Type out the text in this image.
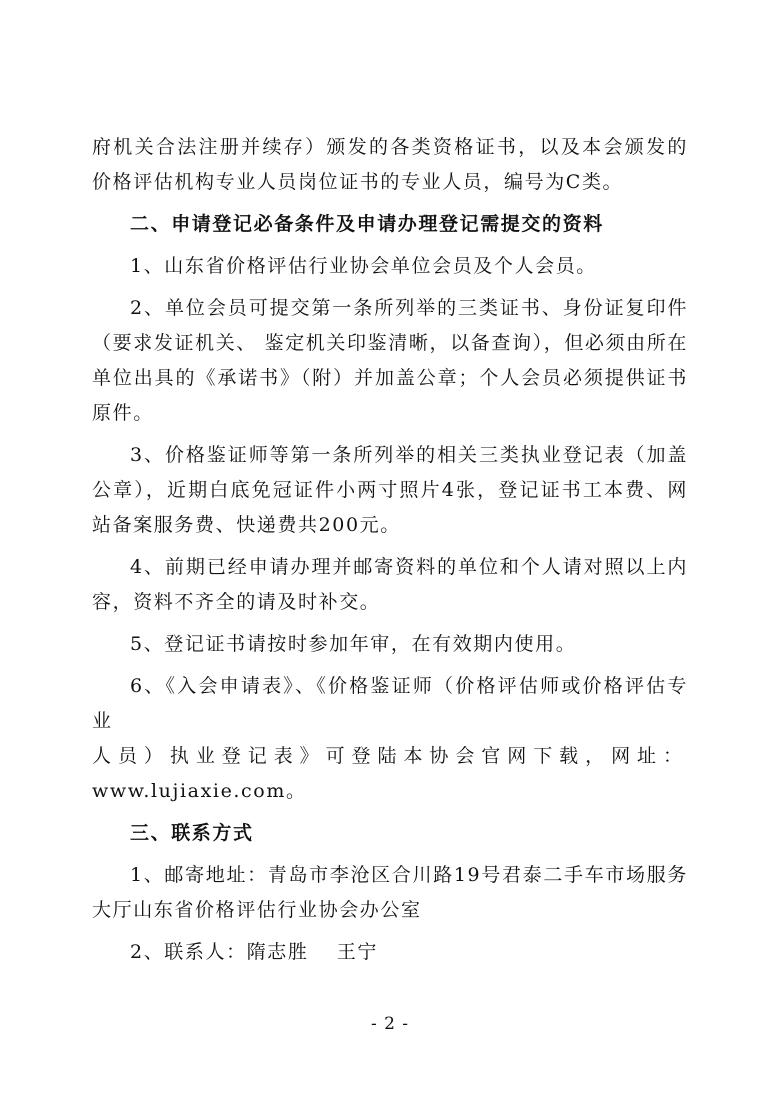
府机关合法注册并续存）颁发的各类资格证书，以及本会颁发的价格评估机构专业人员岗位证书的专业人员，编号为C类。

二、申请登记必备条件及申请办理登记需提交的资料

1、山东省价格评估行业协会单位会员及个人会员。

2、单位会员可提交第一条所列举的三类证书、身份证复印件（要求发证机关、 鉴定机关印鉴清晰，以备查询），但必须由所在单位出具的《承诺书》（附）并加盖公章；个人会员必须提供证书原件。

3、价格鉴证师等第一条所列举的相关三类执业登记表（加盖公章），近期白底免冠证件小两寸照片4张，登记证书工本费、网站备案服务费、快递费共200元。

4、前期已经申请办理并邮寄资料的单位和个人请对照以上内容，资料不齐全的请及时补交。

5、登记证书请按时参加年审，在有效期内使用。

6、《入会申请表》、《价格鉴证师（价格评估师或价格评估专业

人员）执业登记表》可登陆本协会官网下载，网址：

www.lujiaxie.com。

三、联系方式

1、邮寄地址：青岛市李沧区合川路19号君泰二手车市场服务大厅山东省价格评估行业协会办公室

2、联系人：隋志胜　 王宁

- 2 -
